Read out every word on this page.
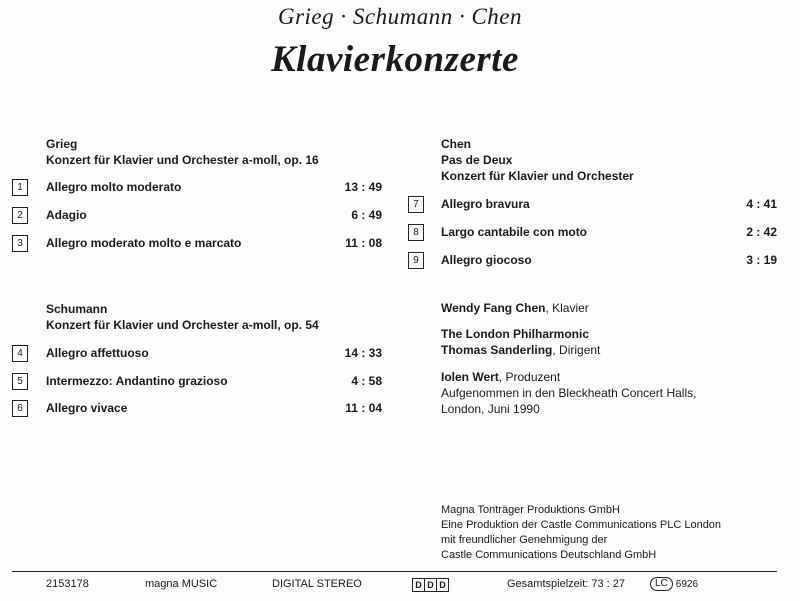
Grieg · Schumann · Chen
Klavierkonzerte
Grieg
Konzert für Klavier und Orchester a-moll, op. 16
1	Allegro molto moderato	13 : 49
2	Adagio	6 : 49
3	Allegro moderato molto e marcato	11 : 08
Schumann
Konzert für Klavier und Orchester a-moll, op. 54
4	Allegro affettuoso	14 : 33
5	Intermezzo: Andantino grazioso	4 : 58
6	Allegro vivace	11 : 04
Chen
Pas de Deux
Konzert für Klavier und Orchester
7	Allegro bravura	4 : 41
8	Largo cantabile con moto	2 : 42
9	Allegro giocoso	3 : 19
Wendy Fang Chen, Klavier
The London Philharmonic
Thomas Sanderling, Dirigent
Iolen Wert, Produzent
Aufgenommen in den Bleckheath Concert Halls,
London, Juni 1990
Magna Tonträger Produktions GmbH
Eine Produktion der Castle Communications PLC London
mit freundlicher Genehmigung der
Castle Communications Deutschland GmbH
2153178	magna MUSIC	DIGITAL STEREO	D D D	Gesamtspielzeit: 73 : 27	LC 6926
